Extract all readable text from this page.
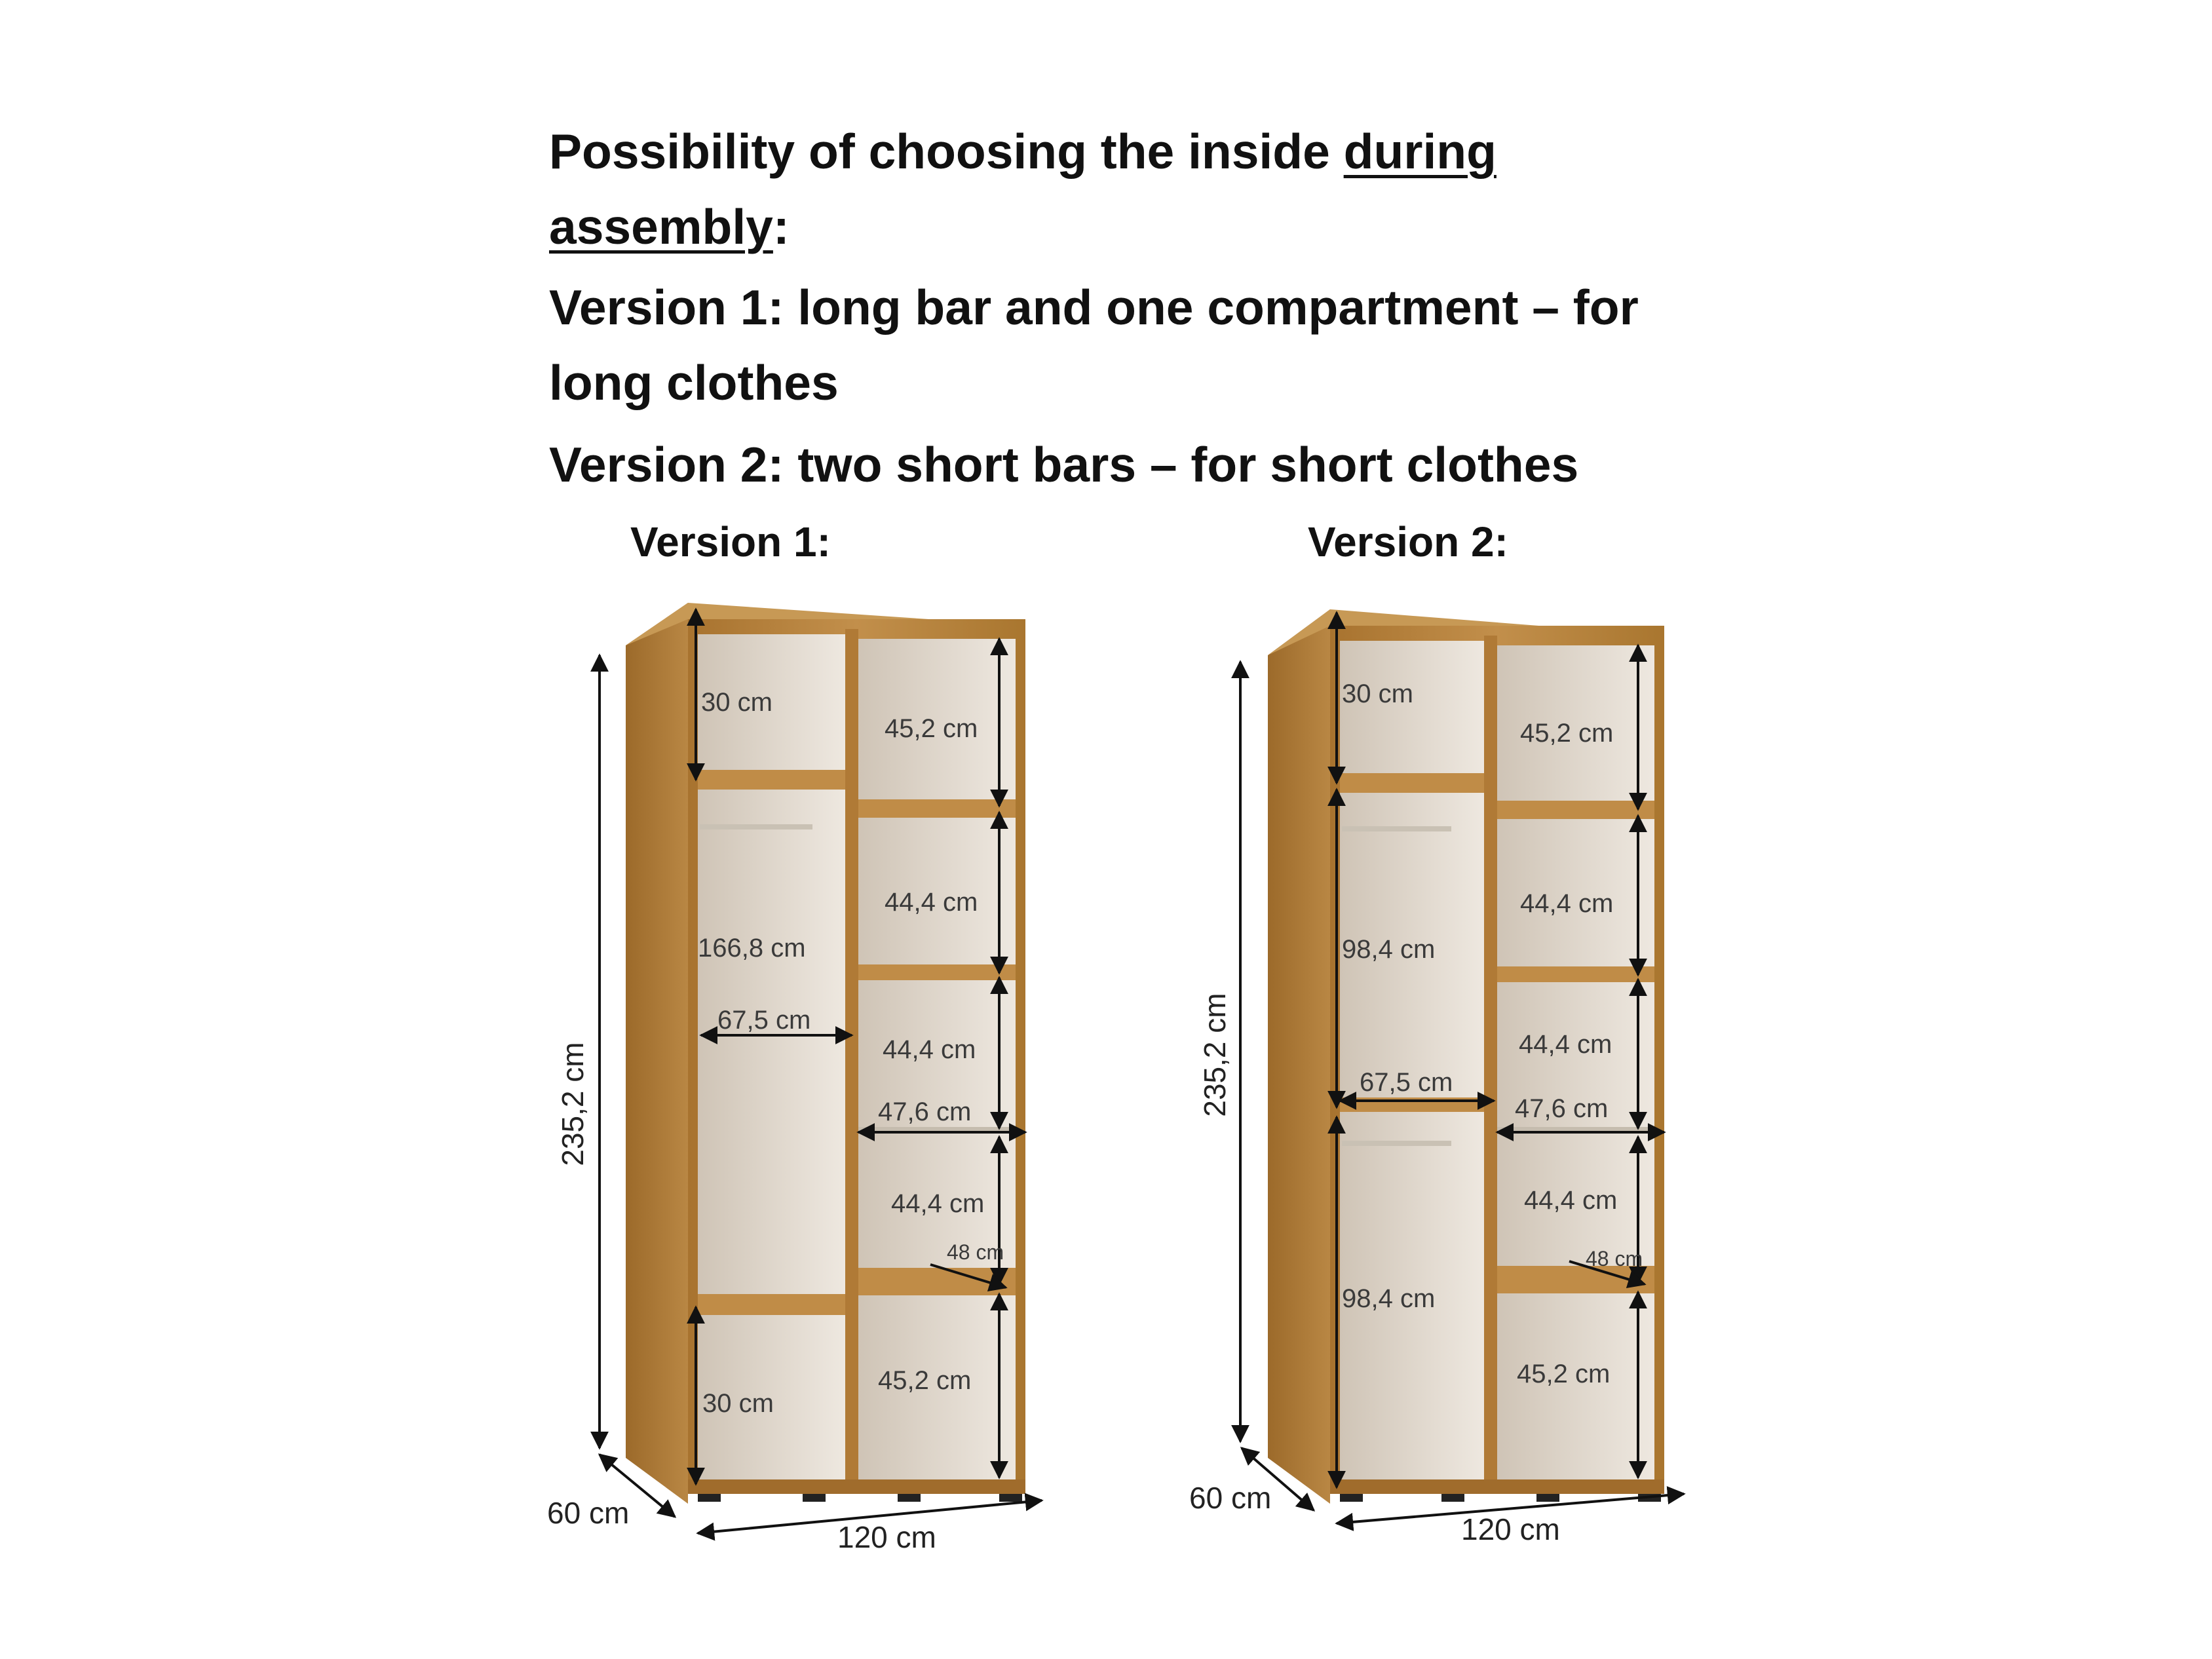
Possibility of choosing the inside during
assembly:
Version 1: long bar and one compartment – for
long clothes
Version 2: two short bars – for short clothes
Version 1:	Version 2:
235,2 cm
60 cm
120 cm
30 cm
166,8 cm
67,5 cm
30 cm
45,2 cm
44,4 cm
44,4 cm
47,6 cm
44,4 cm
48 cm
45,2 cm
235,2 cm
60 cm
120 cm
30 cm
98,4 cm
67,5 cm
98,4 cm
45,2 cm
44,4 cm
44,4 cm
47,6 cm
44,4 cm
48 cm
45,2 cm
